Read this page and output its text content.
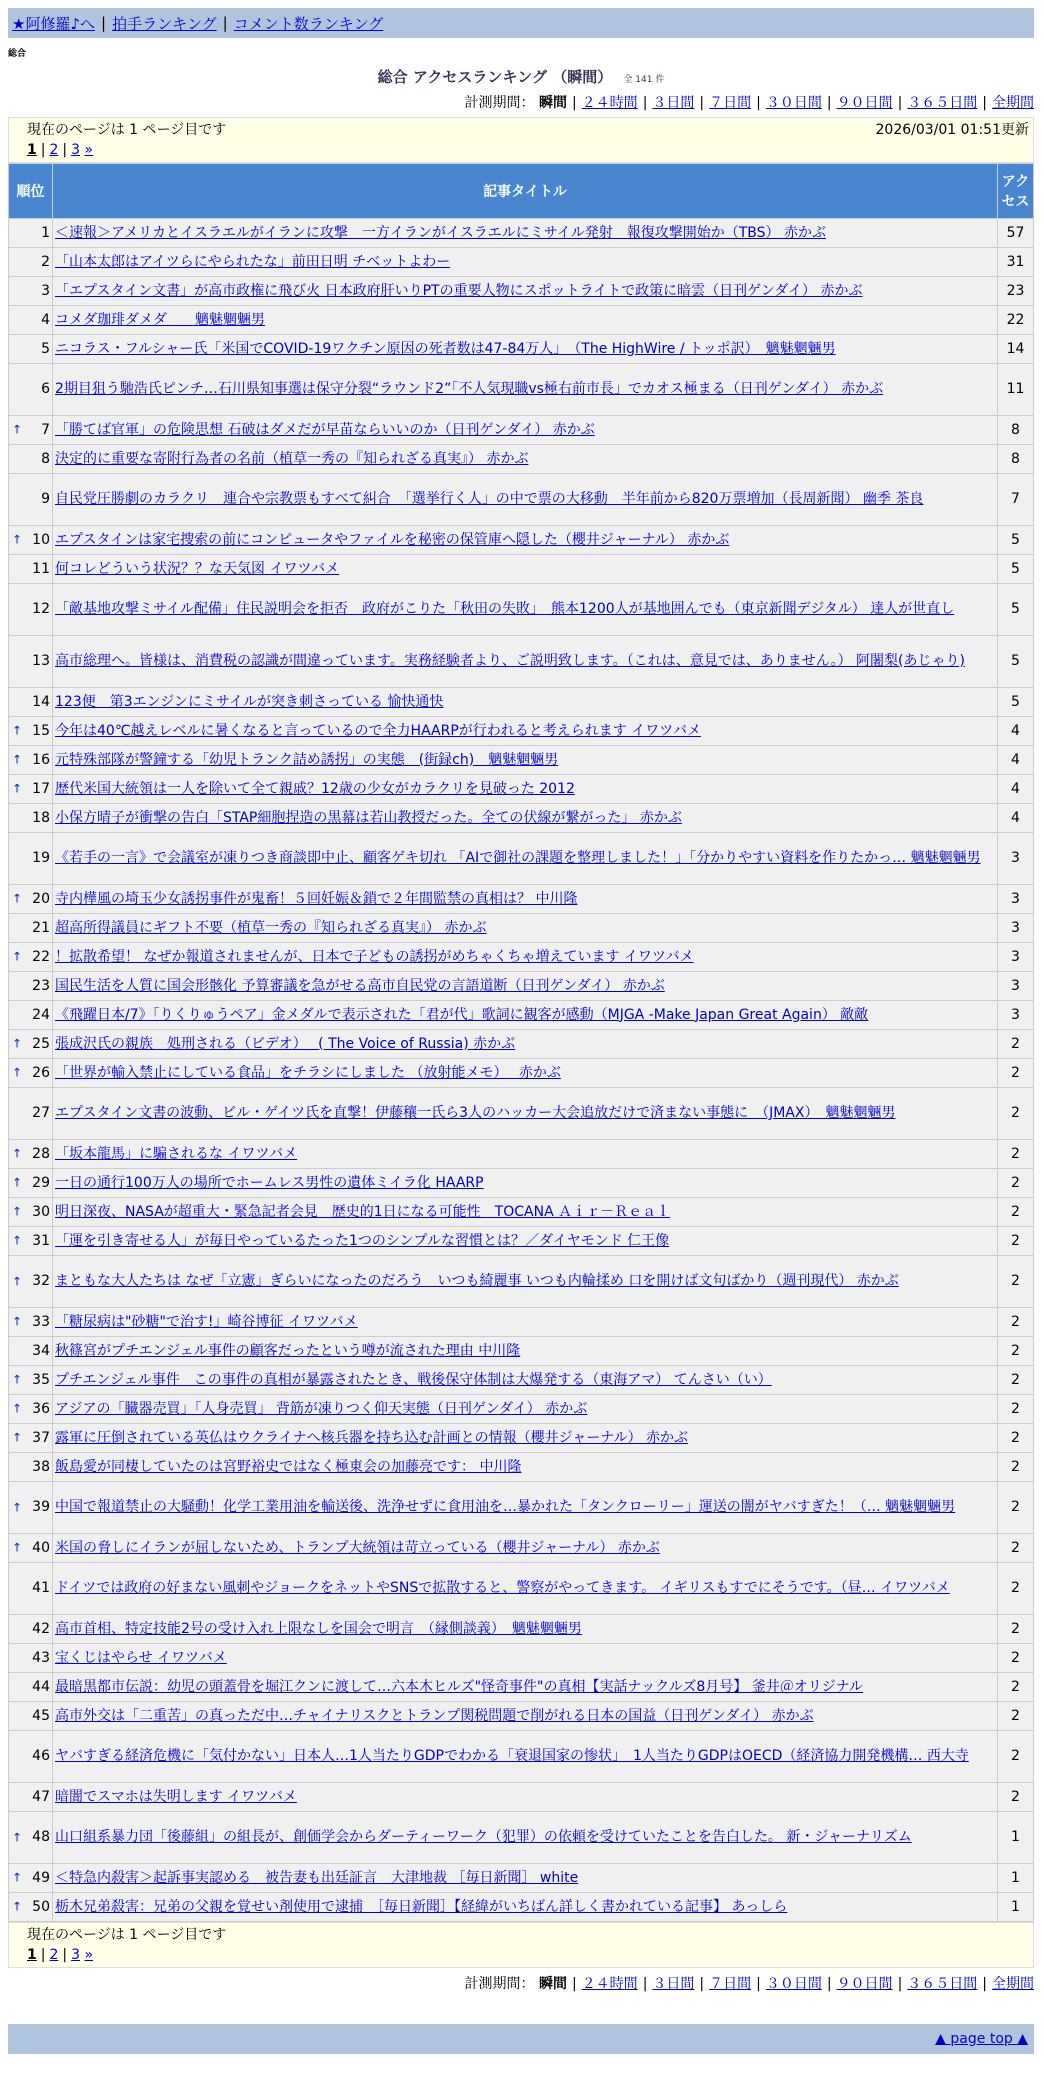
★阿修羅♪へ | 拍手ランキング | コメント数ランキング
総合
総合 アクセスランキング （瞬間） 全 141 件
計測期間： 瞬間 | ２４時間 | ３日間 | ７日間 | ３０日間 | ９０日間 | ３６５日間 | 全期間
現在のページは 1 ページ目です	2026/03/01 01:51更新
1 | 2 | 3 »
順位	記事タイトル	アクセス
1	＜速報＞アメリカとイスラエルがイランに攻撃　一方イランがイスラエルにミサイル発射　報復攻撃開始か（TBS） 赤かぶ	57
2	「山本太郎はアイツらにやられたな」前田日明 チベットよわー	31
3	「エプスタイン文書」が高市政権に飛び火 日本政府肝いりPTの重要人物にスポットライトで政策に暗雲（日刊ゲンダイ） 赤かぶ	23
4	コメダ珈琲ダメダ　　魑魅魍魎男	22
5	ニコラス・フルシャー氏「米国でCOVID-19ワクチン原因の死者数は47-84万人」　（The HighWire / トッポ訳）　魑魅魍魎男	14
6	2期目狙う馳浩氏ピンチ…石川県知事選は保守分裂“ラウンド2”「不人気現職vs極右前市長」でカオス極まる（日刊ゲンダイ） 赤かぶ	11

↑ 7	「勝てば官軍」の危険思想 石破はダメだが早苗ならいいのか（日刊ゲンダイ） 赤かぶ	8
8	決定的に重要な寄附行為者の名前（植草一秀の『知られざる真実』） 赤かぶ	8
9	自民党圧勝劇のカラクリ　連合や宗教票もすべて糾合　「選挙行く人」の中で票の大移動　半年前から820万票増加（長周新聞） 幽季 茶良	7

↑ 10	エプスタインは家宅捜索の前にコンピュータやファイルを秘密の保管庫へ隠した（櫻井ジャーナル） 赤かぶ	5
11	何コレどういう状況？？な天気図 イワツバメ	5
12	「敵基地攻撃ミサイル配備」住民説明会を拒否　政府がこりた「秋田の失敗」　熊本1200人が基地囲んでも（東京新聞デジタル） 達人が世直し	5
13	高市総理へ。皆様は、消費税の認識が間違っています。実務経験者より、ご説明致します。（これは、意見では、ありません。） 阿闍梨(あじゃり)	5
14	123便　第3エンジンにミサイルが突き刺さっている 愉快通快	5

↑ 15	今年は40℃越えレベルに暑くなると言っているので全力HAARPが行われると考えられます イワツバメ	4

↑ 16	元特殊部隊が警鐘する「幼児トランク詰め誘拐」の実態　(街録ch)　魑魅魍魎男	4

↑ 17	歴代米国大統領は一人を除いて全て親戚？12歳の少女がカラクリを見破った 2012	4
18	小保方晴子が衝撃の告白「STAP細胞捏造の黒幕は若山教授だった。全ての伏線が繋がった」 赤かぶ	4
19	《若手の一言》で会議室が凍りつき商談即中止、顧客ゲキ切れ 「AIで御社の課題を整理しました！」「分かりやすい資料を作りたかっ… 魑魅魍魎男	3

↑ 20	寺内樺風の埼玉少女誘拐事件が鬼畜！５回妊娠＆鎖で２年間監禁の真相は？ 中川隆	3
21	超高所得議員にギフト不要（植草一秀の『知られざる真実』） 赤かぶ	3

↑ 22	！拡散希望！ なぜか報道されませんが、日本で子どもの誘拐がめちゃくちゃ増えています イワツバメ	3
23	国民生活を人質に国会形骸化 予算審議を急がせる高市自民党の言語道断（日刊ゲンダイ） 赤かぶ	3
24	《飛躍日本/7》「りくりゅうペア」金メダルで表示された「君が代」歌詞に観客が感動（MJGA -Make Japan Great Again） 敵敵	3

↑ 25	張成沢氏の親族　処刑される（ビデオ）　 ( The Voice of Russia) 赤かぶ	2

↑ 26	「世界が輸入禁止にしている食品」をチラシにしました （放射能メモ）　 赤かぶ	2
27	エプスタイン文書の波動、ビル・ゲイツ氏を直撃！伊藤穰一氏ら3人のハッカー大会追放だけで済まない事態に　（JMAX）　魑魅魍魎男	2

↑ 28	「坂本龍馬」に騙されるな イワツバメ	2

↑ 29	一日の通行100万人の場所でホームレス男性の遺体ミイラ化 HAARP	2

↑ 30	明日深夜、NASAが超重大・緊急記者会見　歴史的1日になる可能性　TOCANA Ａｉｒ－Ｒｅａｌ	2

↑ 31	「運を引き寄せる人」が毎日やっているたった1つのシンプルな習慣とは？／ダイヤモンド 仁王像	2

↑ 32	まともな大人たちは なぜ「立憲」ぎらいになったのだろう　いつも綺麗事 いつも内輪揉め 口を開けば文句ばかり（週刊現代） 赤かぶ	2

↑ 33	「糖尿病は"砂糖"で治す!」崎谷博征 イワツバメ	2
34	秋篠宮がプチエンジェル事件の顧客だったという噂が流された理由 中川隆	2

↑ 35	プチエンジェル事件　この事件の真相が暴露されたとき、戦後保守体制は大爆発する（東海アマ） てんさい（い）	2

↑ 36	アジアの「臓器売買」「人身売買」 背筋が凍りつく仰天実態（日刊ゲンダイ） 赤かぶ	2

↑ 37	露軍に圧倒されている英仏はウクライナへ核兵器を持ち込む計画との情報（櫻井ジャーナル） 赤かぶ	2
38	飯島愛が同棲していたのは宮野裕史ではなく極東会の加藤亮です： 中川隆	2

↑ 39	中国で報道禁止の大騒動！化学工業用油を輸送後、洗浄せずに食用油を…暴かれた「タンクローリー」運送の闇がヤバすぎた！（… 魑魅魍魎男	2

↑ 40	米国の脅しにイランが屈しないため、トランプ大統領は苛立っている（櫻井ジャーナル） 赤かぶ	2
41	ドイツでは政府の好まない風刺やジョークをネットやSNSで拡散すると、警察がやってきます。 イギリスもすでにそうです。（昼… イワツバメ	2
42	高市首相、特定技能2号の受け入れ上限なしを国会で明言　（縁側談義）　魑魅魍魎男	2
43	宝くじはやらせ イワツバメ	2
44	最暗黒都市伝説：幼児の頭蓋骨を堀江クンに渡して…六本木ヒルズ"怪奇事件"の真相【実話ナックルズ8月号】 釜井＠オリジナル	2
45	高市外交は「二重苦」の真っただ中…チャイナリスクとトランプ関税問題で削がれる日本の国益（日刊ゲンダイ） 赤かぶ	2
46	ヤバすぎる経済危機に「気付かない」日本人…1人当たりGDPでわかる「衰退国家の惨状」　1人当たりGDPはOECD（経済協力開発機構… 西大寺	2
47	暗闇でスマホは失明します イワツバメ	2

↑ 48	山口組系暴力団「後藤組」の組長が、創価学会からダーティーワーク（犯罪）の依頼を受けていたことを告白した。 新・ジャーナリズム	1

↑ 49	＜特急内殺害＞起訴事実認める　被告妻も出廷証言　大津地裁 ［毎日新聞］ white	1

↑ 50	栃木兄弟殺害：兄弟の父親を覚せい剤使用で逮捕　［毎日新聞］【経緯がいちばん詳しく書かれている記事】 あっしら	1
現在のページは 1 ページ目です
1 | 2 | 3 »
計測期間： 瞬間 | ２４時間 | ３日間 | ７日間 | ３０日間 | ９０日間 | ３６５日間 | 全期間
▲ page top ▲
